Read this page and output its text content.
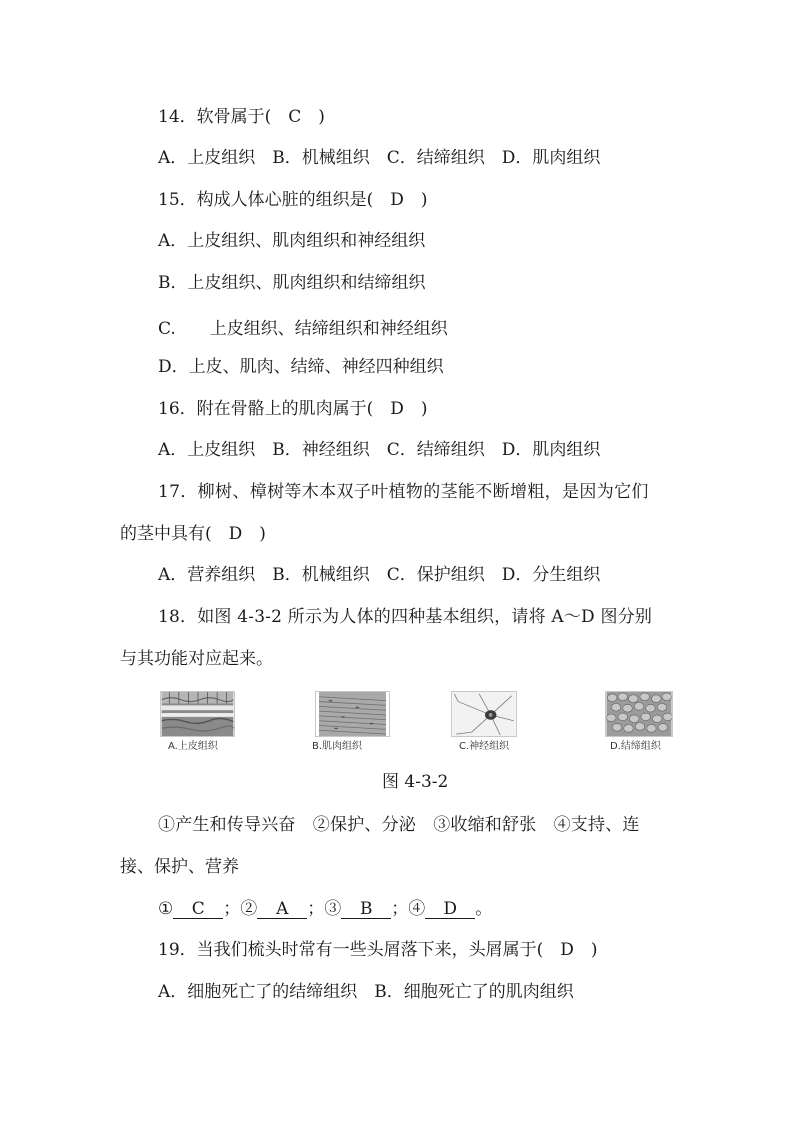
14．软骨属于(　C　)
A．上皮组织　B．机械组织　C．结缔组织　D．肌肉组织
15．构成人体心脏的组织是(　D　)
A．上皮组织、肌肉组织和神经组织
B．上皮组织、肌肉组织和结缔组织
C.　　上皮组织、结缔组织和神经组织
D．上皮、肌肉、结缔、神经四种组织
16．附在骨骼上的肌肉属于(　D　)
A．上皮组织　B．神经组织　C．结缔组织　D．肌肉组织
17．柳树、樟树等木本双子叶植物的茎能不断增粗，是因为它们
的茎中具有(　D　)
A．营养组织　B．机械组织　C．保护组织　D．分生组织
18．如图 4-3-2 所示为人体的四种基本组织，请将 A～D 图分别
与其功能对应起来。
A.上皮组织	B.肌肉组织	C.神经组织	D.结缔组织
图 4-3-2
①产生和传导兴奋　②保护、分泌　③收缩和舒张　④支持、连
接、保护、营养
① C ；② A ；③ B ；④ D 。
19．当我们梳头时常有一些头屑落下来，头屑属于(　D　)
A．细胞死亡了的结缔组织　B．细胞死亡了的肌肉组织
